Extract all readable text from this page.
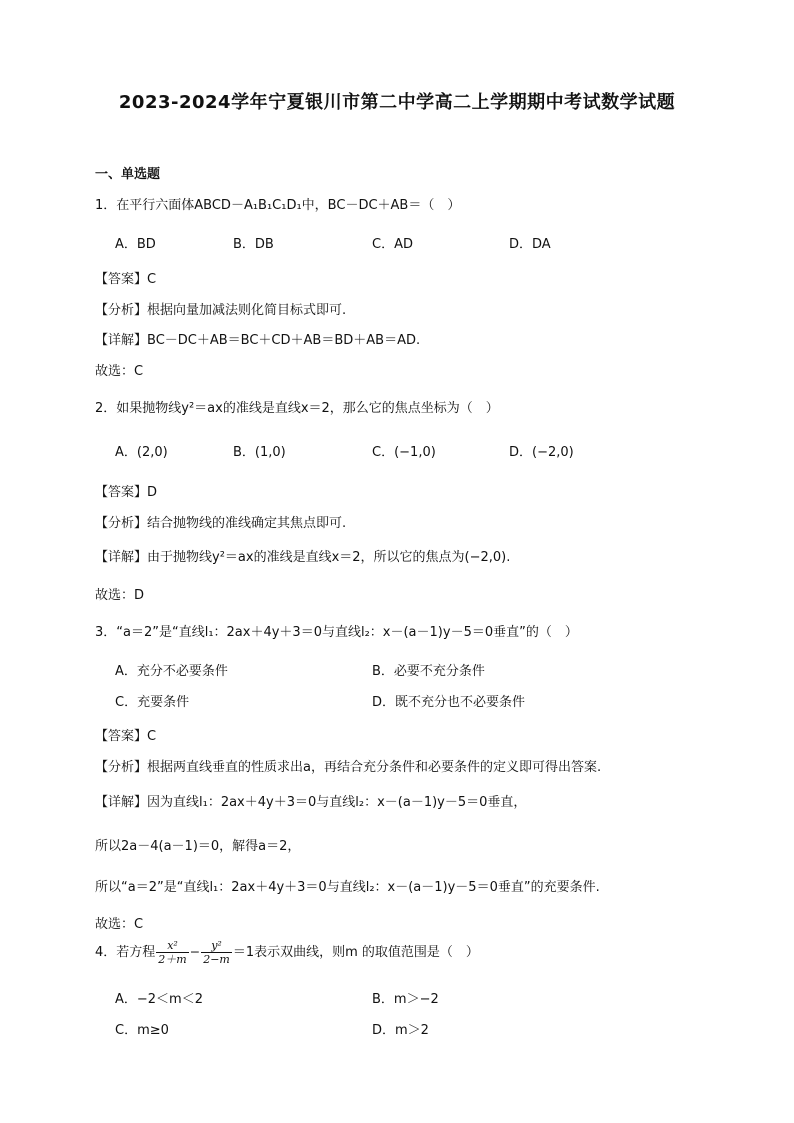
2023-2024学年宁夏银川市第二中学高二上学期期中考试数学试题
一、单选题
1．在平行六面体ABCD－A₁B₁C₁D₁中，BC－DC＋AB＝（　）
A．BD	B．DB	C．AD	D．DA
【答案】C
【分析】根据向量加减法则化简目标式即可.
【详解】BC－DC＋AB＝BC＋CD＋AB＝BD＋AB＝AD.
故选：C
2．如果抛物线y²＝ax的准线是直线x＝2，那么它的焦点坐标为（　）
A．(2,0)	B．(1,0)	C．(−1,0)	D．(−2,0)
【答案】D
【分析】结合抛物线的准线确定其焦点即可.
【详解】由于抛物线y²＝ax的准线是直线x＝2，所以它的焦点为(−2,0).
故选：D
3．“a＝2”是“直线l₁：2ax＋4y＋3＝0与直线l₂：x－(a－1)y－5＝0垂直”的（　）
A．充分不必要条件	B．必要不充分条件
C．充要条件	D．既不充分也不必要条件
【答案】C
【分析】根据两直线垂直的性质求出a，再结合充分条件和必要条件的定义即可得出答案.
【详解】因为直线l₁：2ax＋4y＋3＝0与直线l₂：x－(a－1)y－5＝0垂直，
所以2a－4(a－1)＝0，解得a＝2，
所以“a＝2”是“直线l₁：2ax＋4y＋3＝0与直线l₂：x－(a－1)y－5＝0垂直”的充要条件.
故选：C
4．若方程 $\frac{\text{x²}}{2+m} - \frac{\text{y²}}{2-m} =1$表示双曲线，则m 的取值范围是（　）
A．−2＜m＜2	B．m＞−2
C．m≥0	D．m＞2
